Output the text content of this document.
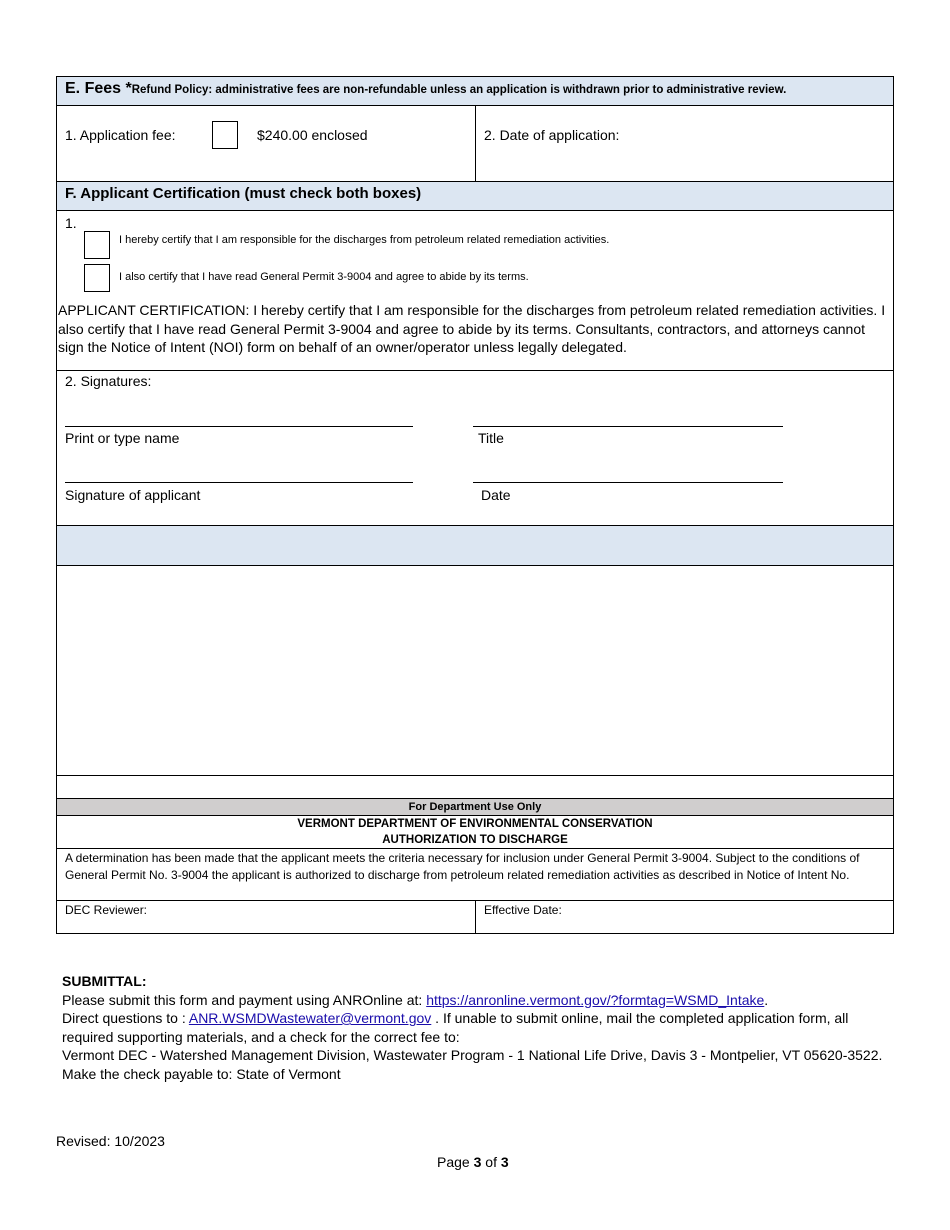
E. Fees *Refund Policy: administrative fees are non-refundable unless an application is withdrawn prior to administrative review.
1. Application fee:	$240.00 enclosed	2. Date of application:
F. Applicant Certification (must check both boxes)
1.
I hereby certify that I am responsible for the discharges from petroleum related remediation activities.
I also certify that I have read General Permit 3-9004 and agree to abide by its terms.
APPLICANT CERTIFICATION: I hereby certify that I am responsible for the discharges from petroleum related remediation activities. I also certify that I have read General Permit 3-9004 and agree to abide by its terms. Consultants, contractors, and attorneys cannot sign the Notice of Intent (NOI) form on behalf of an owner/operator unless legally delegated.
2. Signatures:
Print or type name	Title
Signature of applicant	Date
For Department Use Only
VERMONT DEPARTMENT OF ENVIRONMENTAL CONSERVATION
AUTHORIZATION TO DISCHARGE
A determination has been made that the applicant meets the criteria necessary for inclusion under General Permit 3-9004. Subject to the conditions of General Permit No. 3-9004 the applicant is authorized to discharge from petroleum related remediation activities as described in Notice of Intent No.
DEC Reviewer:	Effective Date:
SUBMITTAL:
Please submit this form and payment using ANROnline at: https://anronline.vermont.gov/?formtag=WSMD_Intake.
Direct questions to : ANR.WSMDWastewater@vermont.gov . If unable to submit online, mail the completed application form, all required supporting materials, and a check for the correct fee to:
Vermont DEC - Watershed Management Division, Wastewater Program - 1 National Life Drive, Davis 3 - Montpelier, VT 05620-3522.
Make the check payable to: State of Vermont
Revised: 10/2023
Page 3 of 3
